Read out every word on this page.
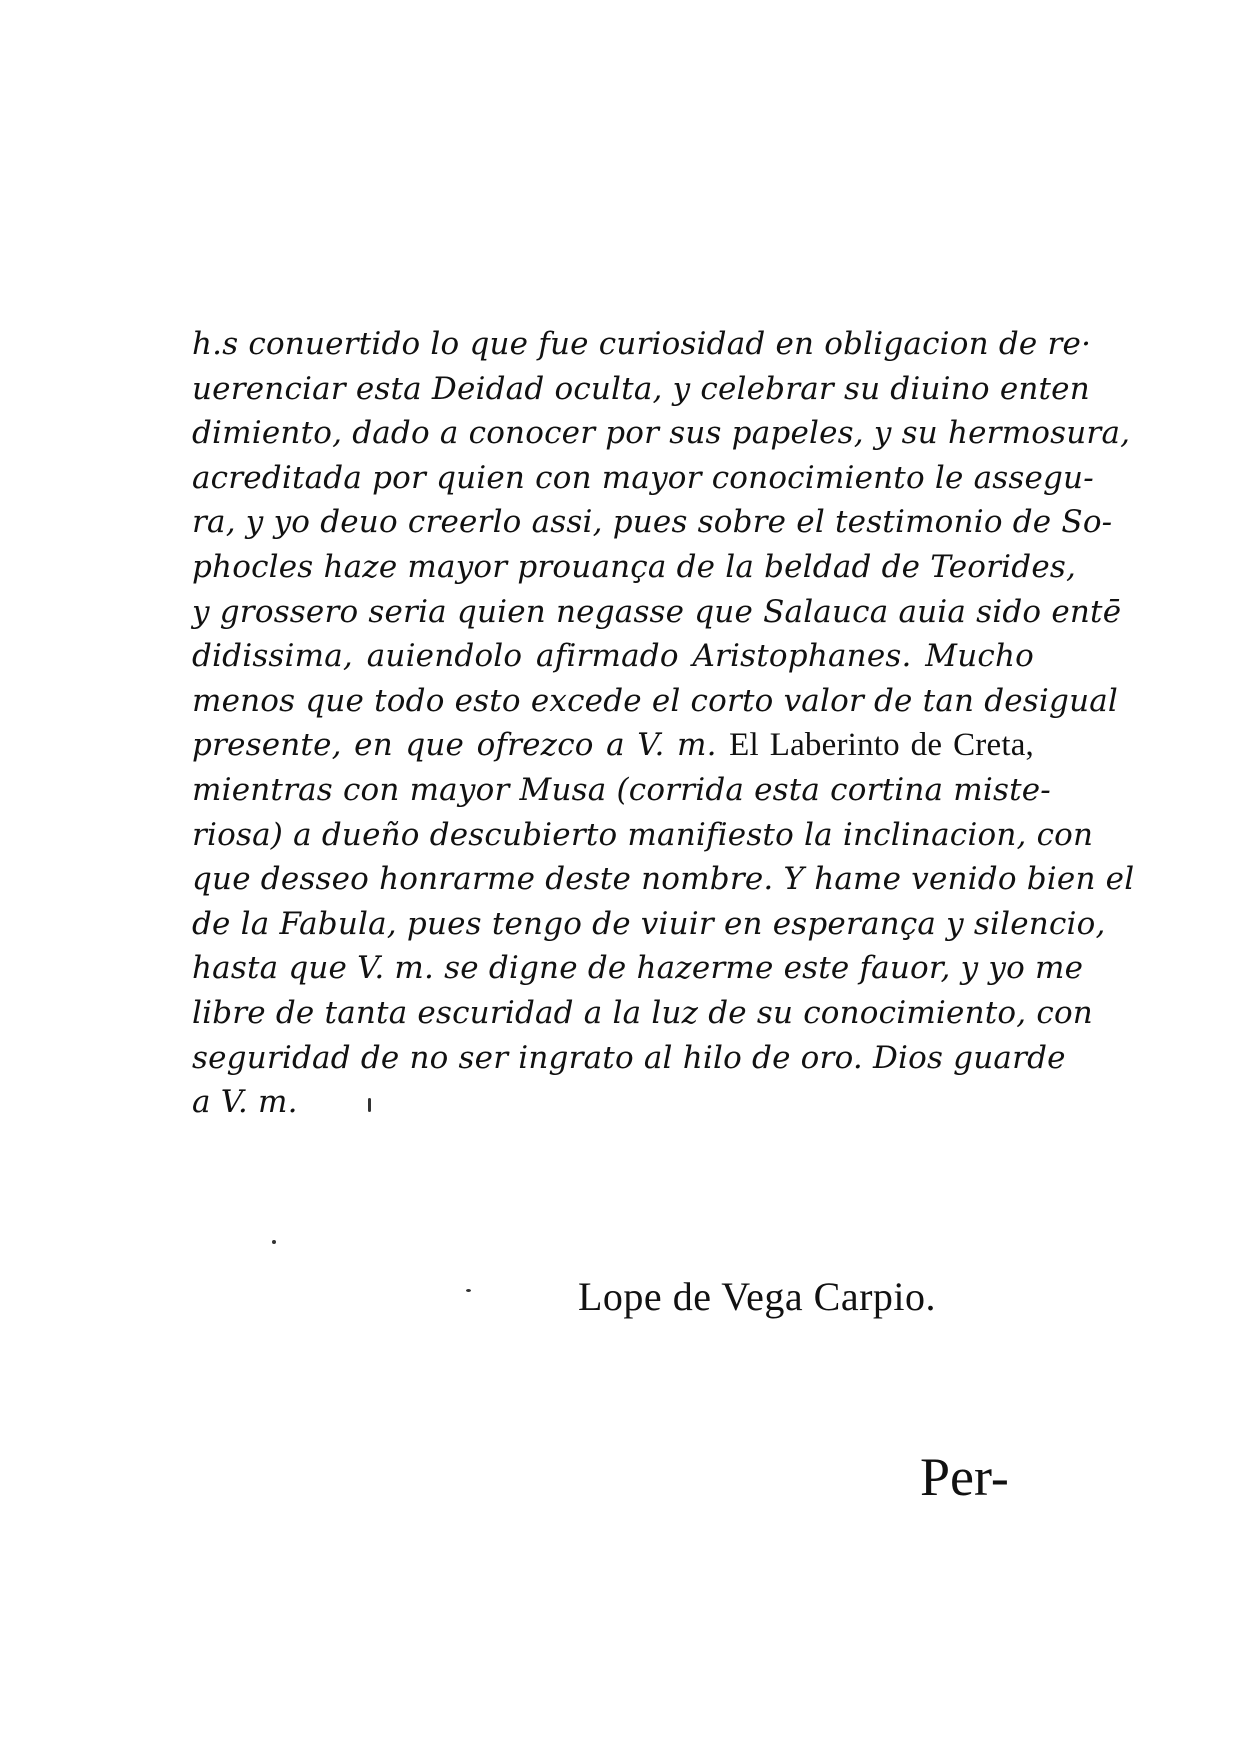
h.s conuertido lo que fue curiosidad en obligacion de re·
uerenciar esta Deidad oculta, y celebrar su diuino enten
dimiento, dado a conocer por sus papeles, y su hermosura,
acreditada por quien con mayor conocimiento le assegu-
ra, y yo deuo creerlo assi, pues sobre el testimonio de So-
phocles haze mayor prouança de la beldad de Teorides,
y grossero seria quien negasse que Salauca auia sido entē
didissima, auiendolo afirmado Aristophanes. Mucho
menos que todo esto excede el corto valor de tan desigual
presente, en que ofrezco a V. m. El Laberinto de Creta,
mientras con mayor Musa (corrida esta cortina miste-
riosa) a dueño descubierto manifiesto la inclinacion, con
que desseo honrarme deste nombre. Y hame venido bien el
de la Fabula, pues tengo de viuir en esperança y silencio,
hasta que V. m. se digne de hazerme este fauor, y yo me
libre de tanta escuridad a la luz de su conocimiento, con
seguridad de no ser ingrato al hilo de oro. Dios guarde
a V. m.
Lope de Vega Carpio.
Per-
